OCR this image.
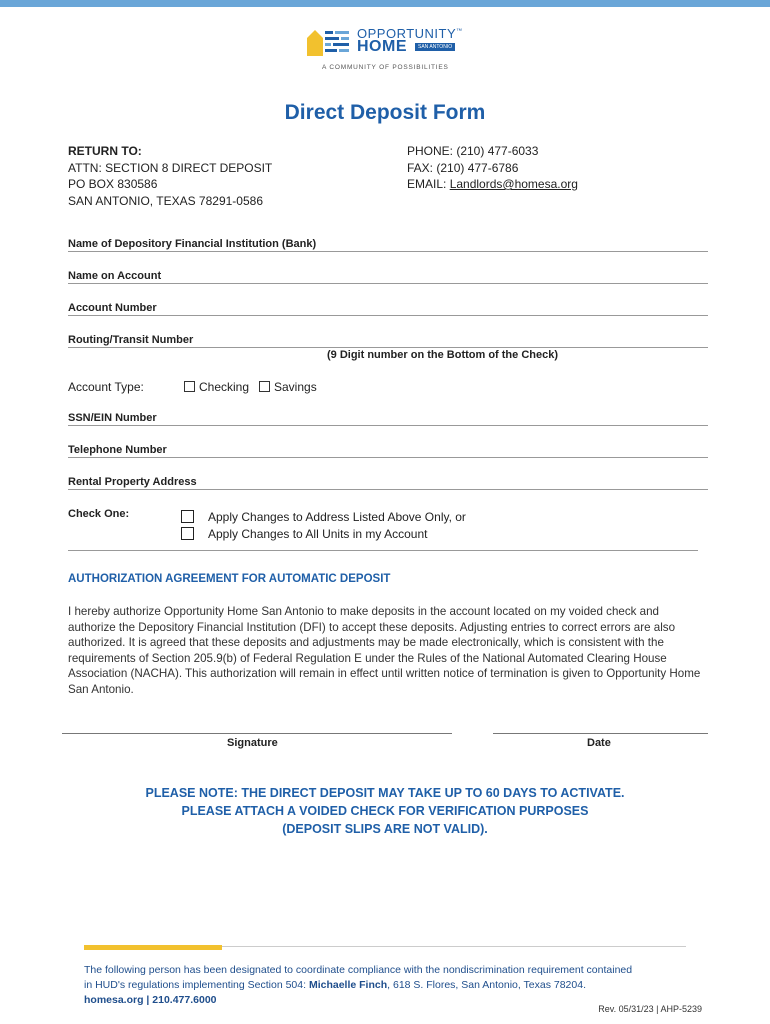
OPPORTUNITY™
HOME	SAN ANTONIO
A COMMUNITY OF POSSIBILITIES
Direct Deposit Form
RETURN TO:
ATTN: SECTION 8 DIRECT DEPOSIT
PO BOX 830586
SAN ANTONIO, TEXAS 78291-0586
PHONE: (210) 477-6033
FAX: (210) 477-6786
EMAIL: Landlords@homesa.org
Name of Depository Financial Institution (Bank)
Name on Account
Account Number
Routing/Transit Number
(9 Digit number on the Bottom of the Check)
Account Type:	Checking	Savings
SSN/EIN Number
Telephone Number
Rental Property Address
Check One:	Apply Changes to Address Listed Above Only, or
Apply Changes to All Units in my Account
AUTHORIZATION AGREEMENT FOR AUTOMATIC DEPOSIT
I hereby authorize Opportunity Home San Antonio to make deposits in the account located on my voided check and authorize the Depository Financial Institution (DFI) to accept these deposits. Adjusting entries to correct errors are also authorized. It is agreed that these deposits and adjustments may be made electronically, which is consistent with the requirements of Section 205.9(b) of Federal Regulation E under the Rules of the National Automated Clearing House Association (NACHA). This authorization will remain in effect until written notice of termination is given to Opportunity Home San Antonio.
Signature	Date
PLEASE NOTE: THE DIRECT DEPOSIT MAY TAKE UP TO 60 DAYS TO ACTIVATE.
PLEASE ATTACH A VOIDED CHECK FOR VERIFICATION PURPOSES
(DEPOSIT SLIPS ARE NOT VALID).
The following person has been designated to coordinate compliance with the nondiscrimination requirement contained
in HUD's regulations implementing Section 504: Michaelle Finch, 618 S. Flores, San Antonio, Texas 78204.
homesa.org | 210.477.6000
Rev. 05/31/23 | AHP-5239
